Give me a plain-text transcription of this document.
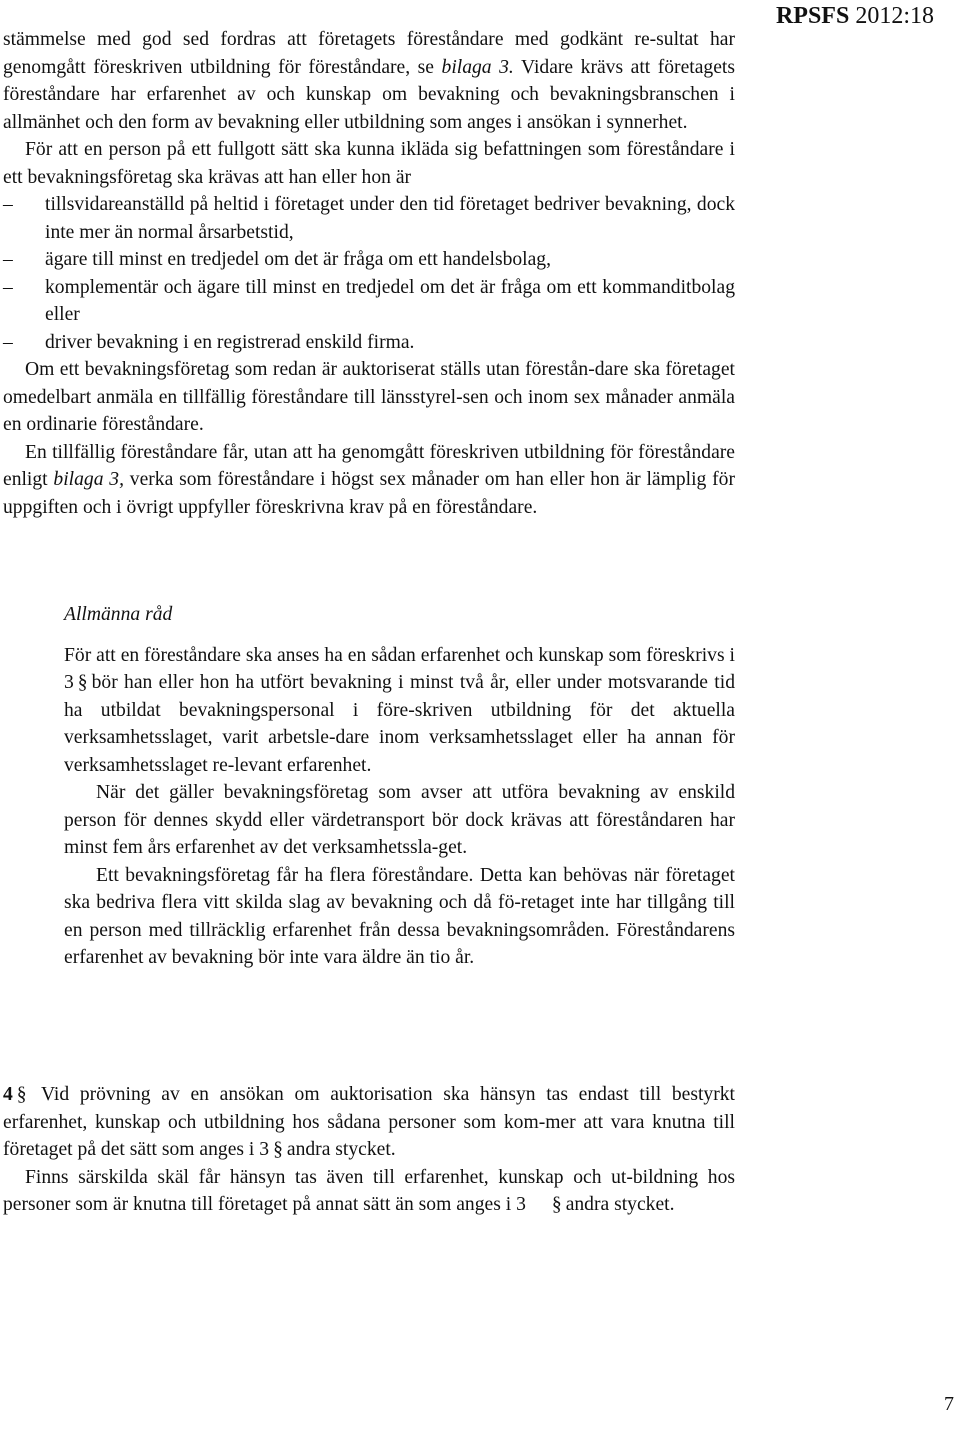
RPSFS 2012:18

stämmelse med god sed fordras att företagets föreståndare med godkänt re-sultat har genomgått föreskriven utbildning för föreståndare, se bilaga 3. Vidare krävs att företagets föreståndare har erfarenhet av och kunskap om bevakning och bevakningsbranschen i allmänhet och den form av bevakning eller utbildning som anges i ansökan i synnerhet.

För att en person på ett fullgott sätt ska kunna ikläda sig befattningen som föreståndare i ett bevakningsföretag ska krävas att han eller hon är

– tillsvidareanställd på heltid i företaget under den tid företaget bedriver bevakning, dock inte mer än normal årsarbetstid,
– ägare till minst en tredjedel om det är fråga om ett handelsbolag,
– komplementär och ägare till minst en tredjedel om det är fråga om ett kommanditbolag eller
– driver bevakning i en registrerad enskild firma.

Om ett bevakningsföretag som redan är auktoriserat ställs utan förestån-dare ska företaget omedelbart anmäla en tillfällig föreståndare till länsstyrel-sen och inom sex månader anmäla en ordinarie föreståndare.

En tillfällig föreståndare får, utan att ha genomgått föreskriven utbildning för föreståndare enligt bilaga 3, verka som föreståndare i högst sex månader om han eller hon är lämplig för uppgiften och i övrigt uppfyller föreskrivna krav på en föreståndare.

Allmänna råd

För att en föreståndare ska anses ha en sådan erfarenhet och kunskap som föreskrivs i 3 § bör han eller hon ha utfört bevakning i minst två år, eller under motsvarande tid ha utbildat bevakningspersonal i före-skriven utbildning för det aktuella verksamhetsslaget, varit arbetsle-dare inom verksamhetsslaget eller ha annan för verksamhetsslaget re-levant erfarenhet.

När det gäller bevakningsföretag som avser att utföra bevakning av enskild person för dennes skydd eller värdetransport bör dock krävas att föreståndaren har minst fem års erfarenhet av det verksamhetssla-get.

Ett bevakningsföretag får ha flera föreståndare. Detta kan behövas när företaget ska bedriva flera vitt skilda slag av bevakning och då fö-retaget inte har tillgång till en person med tillräcklig erfarenhet från dessa bevakningsområden. Föreståndarens erfarenhet av bevakning bör inte vara äldre än tio år.

4 § Vid prövning av en ansökan om auktorisation ska hänsyn tas endast till bestyrkt erfarenhet, kunskap och utbildning hos sådana personer som kom-mer att vara knutna till företaget på det sätt som anges i 3 § andra stycket.

Finns särskilda skäl får hänsyn tas även till erfarenhet, kunskap och ut-bildning hos personer som är knutna till företaget på annat sätt än som anges i 3 § andra stycket.

7
